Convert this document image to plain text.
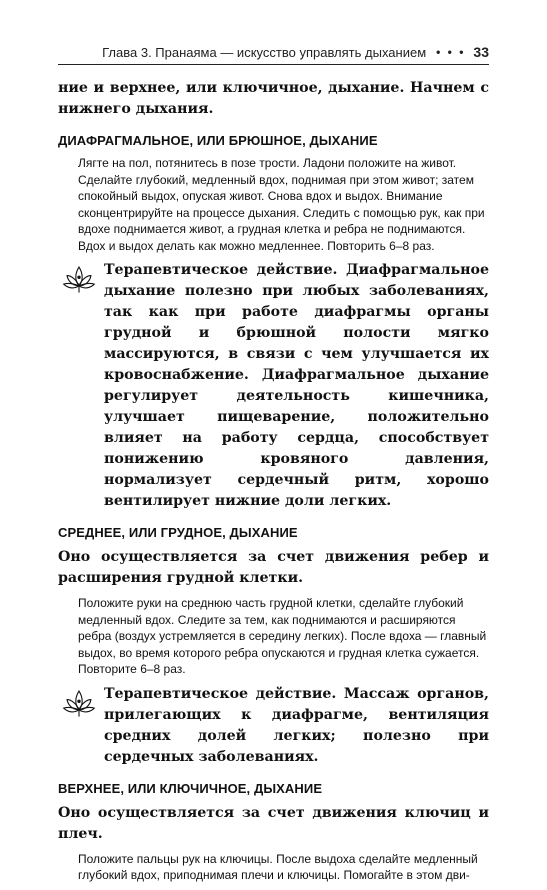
Глава 3. Пранаяма — искусство управлять дыханием • • • 33

ние и верхнее, или ключичное, дыхание. Начнем с нижнего дыхания.

ДИАФРАГМАЛЬНОЕ, ИЛИ БРЮШНОЕ, ДЫХАНИЕ

Лягте на пол, потянитесь в позе трости. Ладони положите на живот. Сделайте глубокий, медленный вдох, поднимая при этом живот; затем спокойный выдох, опуская живот. Снова вдох и выдох. Внимание сконцентрируйте на процессе дыхания. Следить с помощью рук, как при вдохе поднимается живот, а грудная клетка и ребра не поднимаются. Вдох и выдох делать как можно медленнее. Повторить 6–8 раз.

Терапевтическое действие. Диафрагмальное дыхание полезно при любых заболеваниях, так как при работе диафрагмы органы грудной и брюшной полости мягко массируются, в связи с чем улучшается их кровоснабжение. Диафрагмальное дыхание регулирует деятельность кишечника, улучшает пищеварение, положительно влияет на работу сердца, способствует понижению кровяного давления, нормализует сердечный ритм, хорошо вентилирует нижние доли легких.

СРЕДНЕЕ, ИЛИ ГРУДНОЕ, ДЫХАНИЕ

Оно осуществляется за счет движения ребер и расширения грудной клетки.

Положите руки на среднюю часть грудной клетки, сделайте глубокий медленный вдох. Следите за тем, как поднимаются и расширяются ребра (воздух устремляется в середину легких). После вдоха — главный выдох, во время которого ребра опускаются и грудная клетка сужается. Повторите 6–8 раз.

Терапевтическое действие. Массаж органов, прилегающих к диафрагме, вентиляция средних долей легких; полезно при сердечных заболеваниях.

ВЕРХНЕЕ, ИЛИ КЛЮЧИЧНОЕ, ДЫХАНИЕ

Оно осуществляется за счет движения ключиц и плеч.

Положите пальцы рук на ключицы. После выдоха сделайте медленный глубокий вдох, приподнимая плечи и ключицы. Помогайте в этом дви-
